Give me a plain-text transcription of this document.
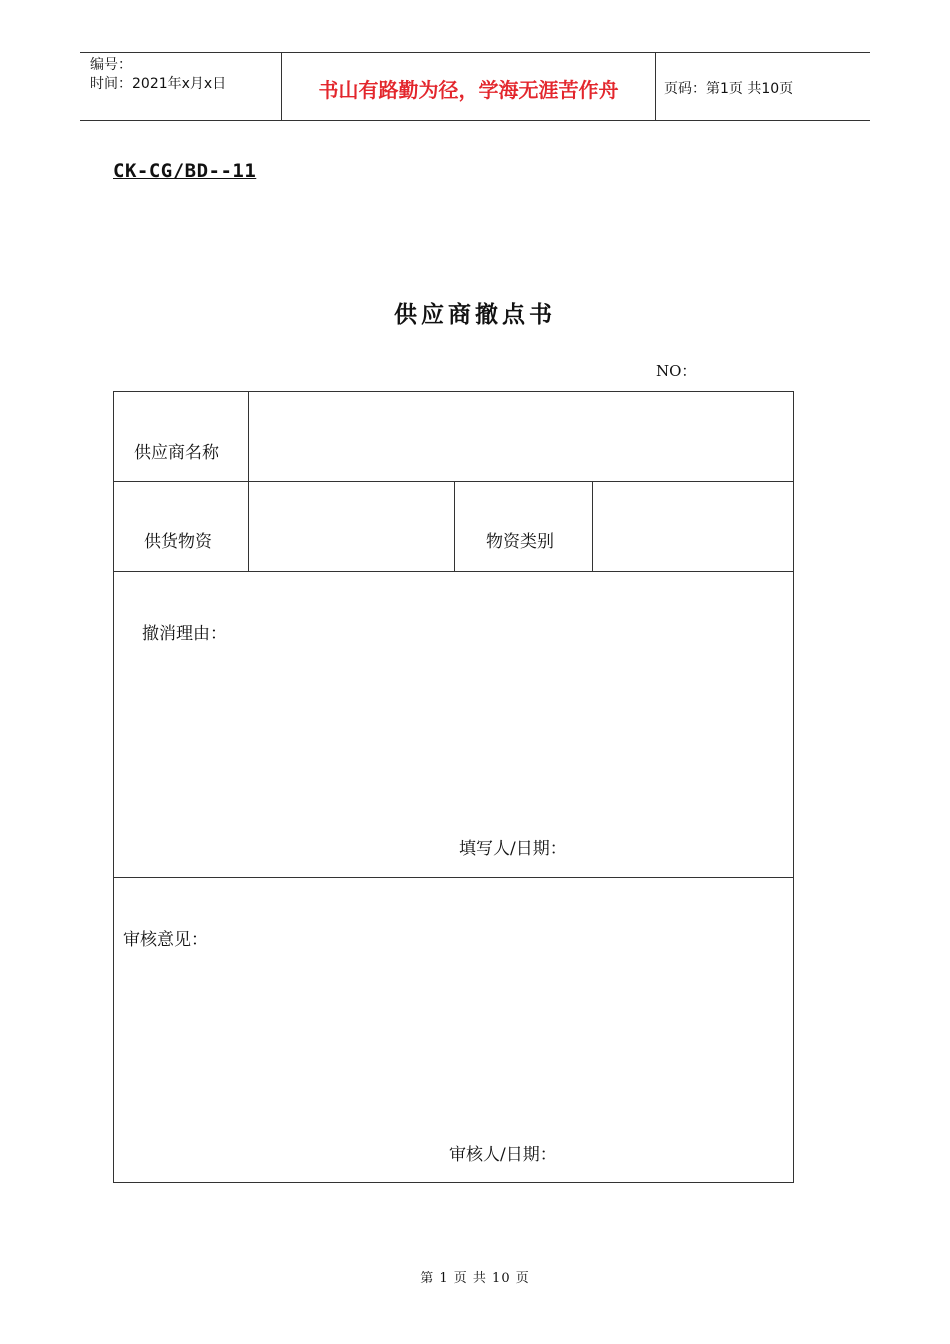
编号：
时间：2021年x月x日	书山有路勤为径，学海无涯苦作舟	页码：第1页 共10页
CK-CG/BD--11
供应商撤点书
NO：
供应商名称
供货物资	物资类别
撤消理由：
填写人/日期：
审核意见：
审核人/日期：
第 1 页 共 10 页
